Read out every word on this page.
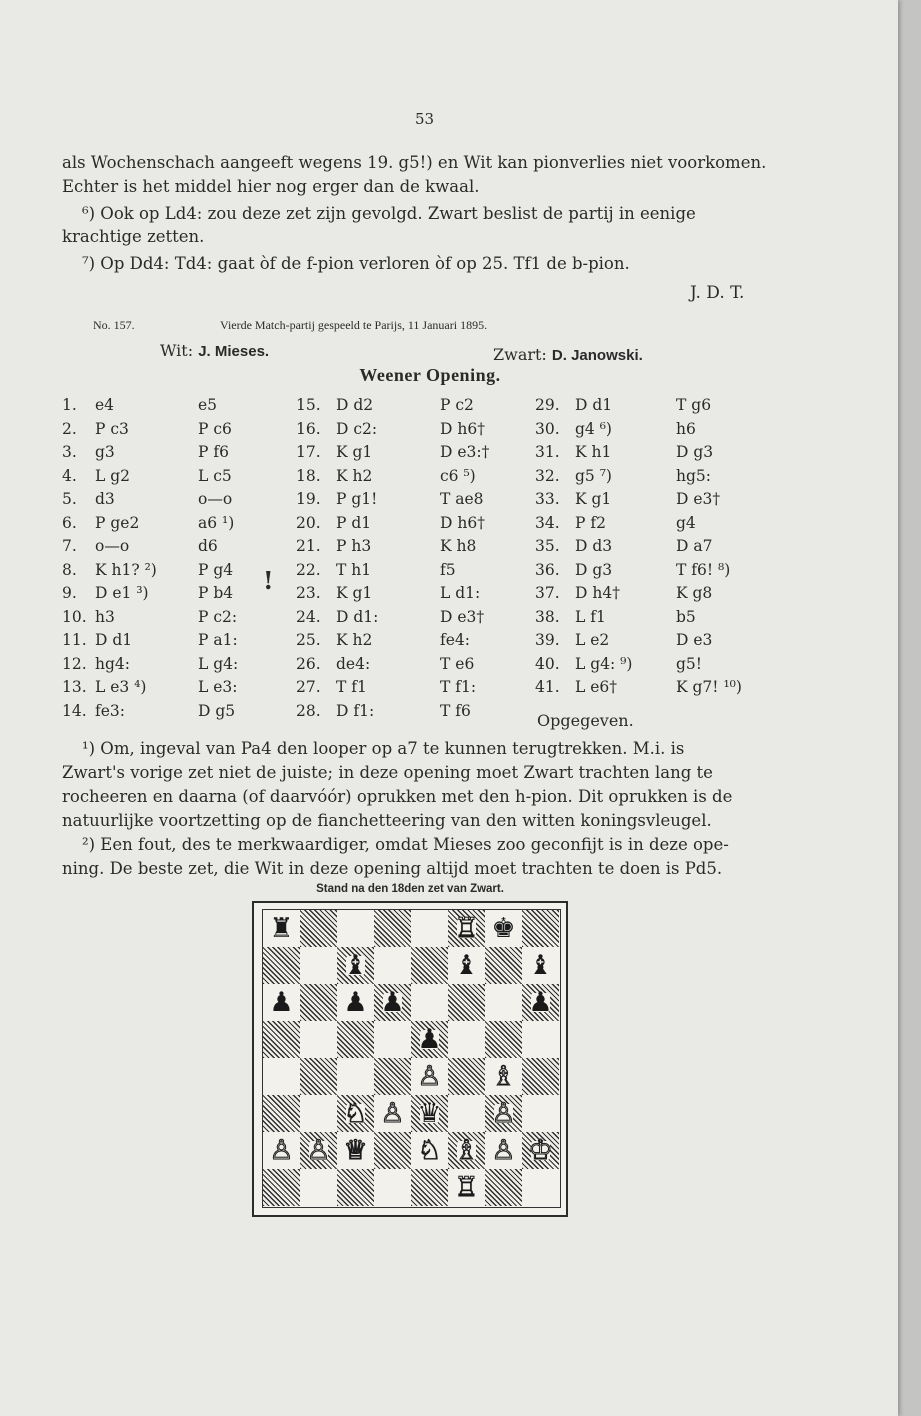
53
als Wochenschach aangeeft wegens 19. g5!) en Wit kan pionverlies niet voorkomen.
Echter is het middel hier nog erger dan de kwaal.
⁶) Ook op Ld4: zou deze zet zijn gevolgd. Zwart beslist de partij in eenige
krachtige zetten.
⁷) Op Dd4: Td4: gaat òf de f-pion verloren òf op 25. Tf1 de b-pion.
J. D. T.
No. 157.	Vierde Match-partij gespeeld te Parijs, 11 Januari 1895.
Wit: J. Mieses.	Zwart: D. Janowski.
Weener Opening.
1.	e4	e5
2.	P c3	P c6
3.	g3	P f6
4.	L g2	L c5
5.	d3	o—o
6.	P ge2	a6 ¹)
7.	o—o	d6
8.	K h1? ²)	P g4
9.	D e1 ³)	P b4
10. h3	P c2:
11. D d1	P a1:
12. hg4:	L g4:
13. L e3 ⁴)	L e3:
14. fe3:	D g5
15. D d2	P c2
16. D c2:	D h6†
17. K g1	D e3:†
18. K h2	c6 ⁵)
19. P g1!	T ae8
20. P d1	D h6†
21. P h3	K h8
22. T h1	f5
23. K g1	L d1:
24. D d1:	D e3†
25. K h2	fe4:
26. de4:	T e6
27. T f1	T f1:
28. D f1:	T f6
29. D d1	T g6
30. g4 ⁶)	h6
31. K h1	D g3
32. g5 ⁷)	hg5:
33. K g1	D e3†
34. P f2	g4
35. D d3	D a7
36. D g3	T f6! ⁸)
37. D h4†	K g8
38. L f1	b5
39. L e2	D e3
40. L g4: ⁹)	g5!
41. L e6†	K g7! ¹⁰)
!
Opgegeven.
¹) Om, ingeval van Pa4 den looper op a7 te kunnen terugtrekken. M.i. is
Zwart's vorige zet niet de juiste; in deze opening moet Zwart trachten lang te
rocheeren en daarna (of daarvóór) oprukken met den h-pion. Dit oprukken is de
natuurlijke voortzetting op de fianchetteering van den witten koningsvleugel.
²) Een fout, des te merkwaardiger, omdat Mieses zoo geconfijt is in deze ope-
ning. De beste zet, die Wit in deze opening altijd moet trachten te doen is Pd5.
Stand na den 18den zet van Zwart.
♜	♖ ♚
♝	♝ ♝
♟ ♟ ♟	♟
♟
♙ ♗
♘ ♙ ♛ ♙
♙ ♙ ♕ ♘ ♗ ♙ ♔
♖
